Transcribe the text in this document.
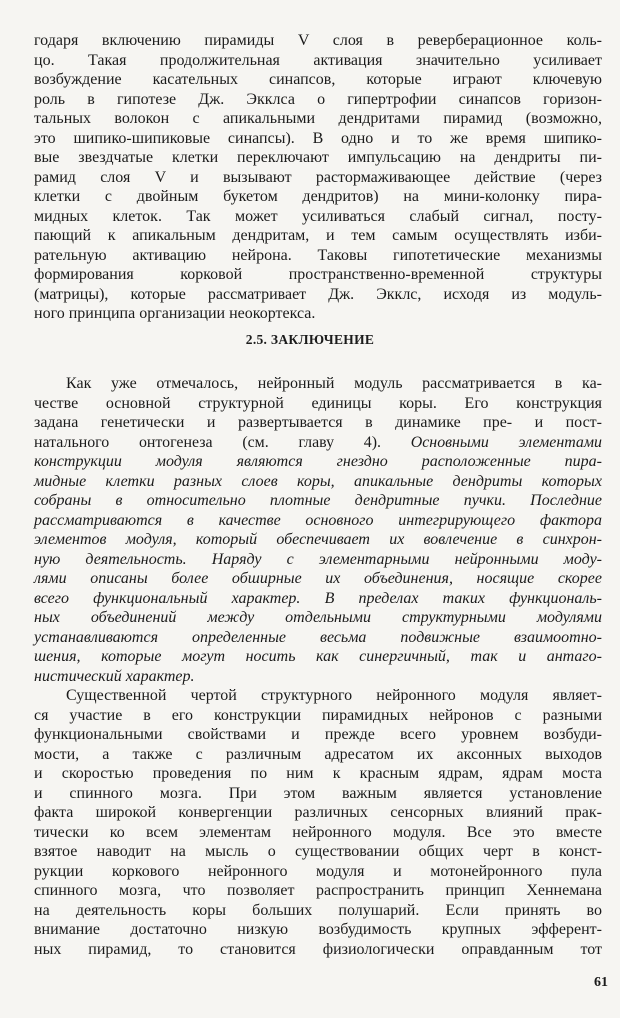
годаря включению пирамиды V слоя в реверберационное коль-
цо. Такая продолжительная активация значительно усиливает
возбуждение касательных синапсов, которые играют ключевую
роль в гипотезе Дж. Экклса о гипертрофии синапсов горизон-
тальных волокон с апикальными дендритами пирамид (возможно,
это шипико-шипиковые синапсы). В одно и то же время шипико-
вые звездчатые клетки переключают импульсацию на дендриты пи-
рамид слоя V и вызывают растормаживающее действие (через
клетки с двойным букетом дендритов) на мини-колонку пира-
мидных клеток. Так может усиливаться слабый сигнал, посту-
пающий к апикальным дендритам, и тем самым осуществлять изби-
рательную активацию нейрона. Таковы гипотетические механизмы
формирования корковой пространственно-временной структуры
(матрицы), которые рассматривает Дж. Экклс, исходя из модуль-
ного принципа организации неокортекса.
2.5. ЗАКЛЮЧЕНИЕ
Как уже отмечалось, нейронный модуль рассматривается в ка-
честве основной структурной единицы коры. Его конструкция
задана генетически и развертывается в динамике пре- и пост-
натального онтогенеза (см. главу 4). Основными элементами
конструкции модуля являются гнездно расположенные пира-
мидные клетки разных слоев коры, апикальные дендриты которых
собраны в относительно плотные дендритные пучки. Последние
рассматриваются в качестве основного интегрирующего фактора
элементов модуля, который обеспечивает их вовлечение в синхрон-
ную деятельность. Наряду с элементарными нейронными моду-
лями описаны более обширные их объединения, носящие скорее
всего функциональный характер. В пределах таких функциональ-
ных объединений между отдельными структурными модулями
устанавливаются определенные весьма подвижные взаимоотно-
шения, которые могут носить как синергичный, так и антаго-
нистический характер.
Существенной чертой структурного нейронного модуля являет-
ся участие в его конструкции пирамидных нейронов с разными
функциональными свойствами и прежде всего уровнем возбуди-
мости, а также с различным адресатом их аксонных выходов
и скоростью проведения по ним к красным ядрам, ядрам моста
и спинного мозга. При этом важным является установление
факта широкой конвергенции различных сенсорных влияний прак-
тически ко всем элементам нейронного модуля. Все это вместе
взятое наводит на мысль о существовании общих черт в конст-
рукции коркового нейронного модуля и мотонейронного пула
спинного мозга, что позволяет распространить принцип Хеннемана
на деятельность коры больших полушарий. Если принять во
внимание достаточно низкую возбудимость крупных эфферент-
ных пирамид, то становится физиологически оправданным тот
61
